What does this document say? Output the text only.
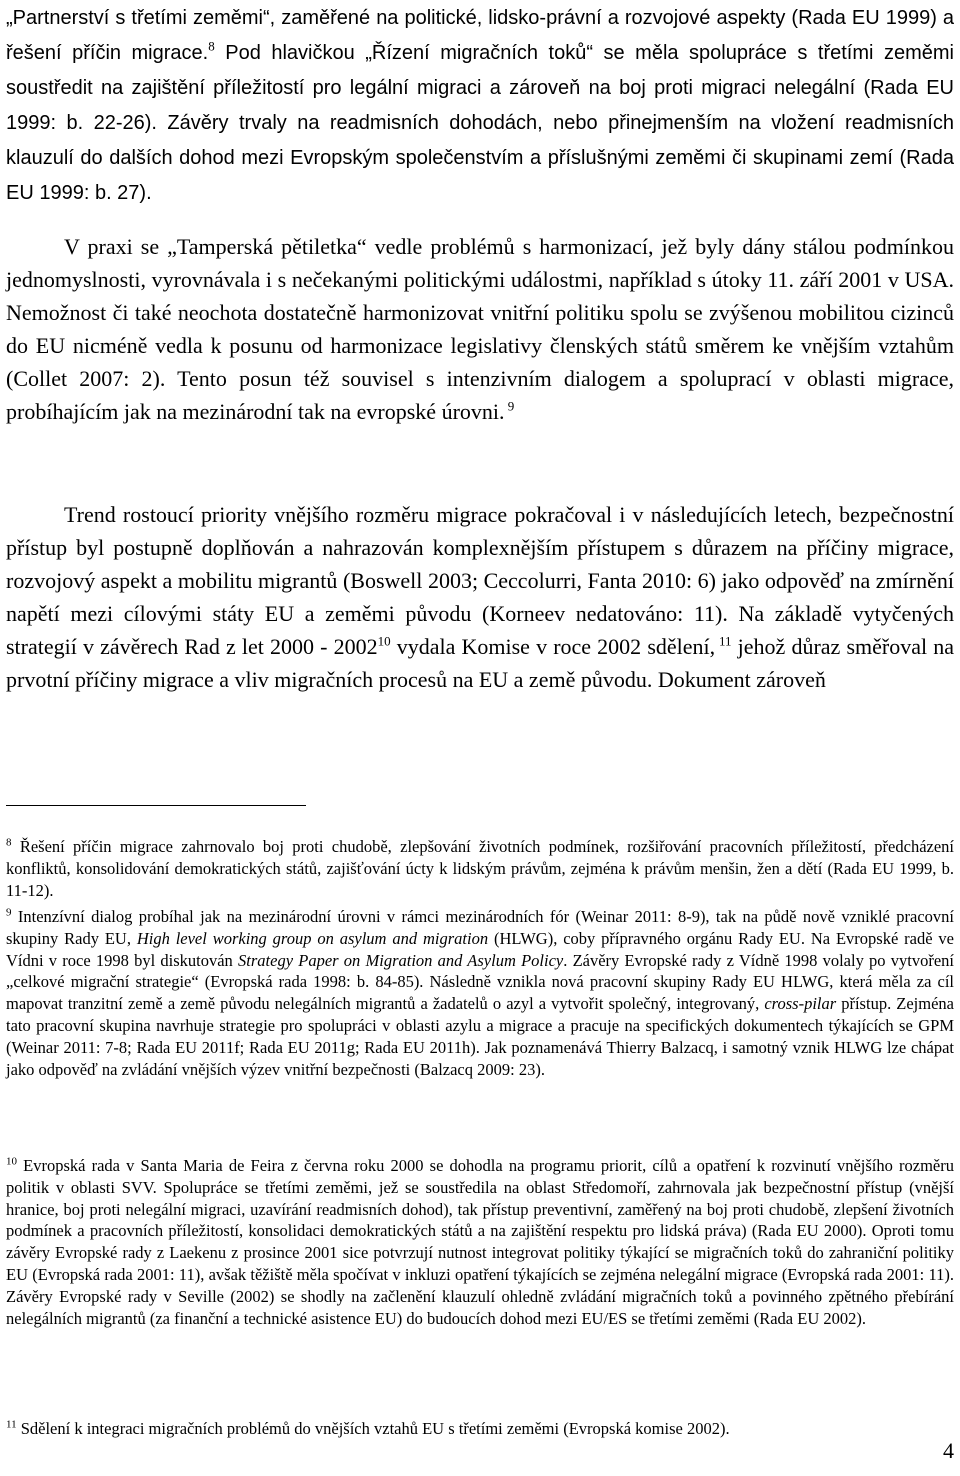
„Partnerství s třetími zeměmi“, zaměřené na politické, lidsko-právní a rozvojové aspekty (Rada EU 1999) a řešení příčin migrace.$^8$ Pod hlavičkou „Řízení migračních toků“ se měla spolupráce s třetími zeměmi soustředit na zajištění příležitostí pro legální migraci a zároveň na boj proti migraci nelegální (Rada EU 1999: b. 22-26). Závěry trvaly na readmisních dohodách, nebo přinejmenším na vložení readmisních klauzulí do dalších dohod mezi Evropským společenstvím a příslušnými zeměmi či skupinami zemí (Rada EU 1999: b. 27).

V praxi se „Tamperská pětiletka“ vedle problémů s harmonizací, jež byly dány stálou podmínkou jednomyslnosti, vyrovnávala i s nečekanými politickými událostmi, například s útoky 11. září 2001 v USA. Nemožnost či také neochota dostatečně harmonizovat vnitřní politiku spolu se zvýšenou mobilitou cizinců do EU nicméně vedla k posunu od harmonizace legislativy členských států směrem ke vnějším vztahům (Collet 2007: 2). Tento posun též souvisel s intenzivním dialogem a spoluprací v oblasti migrace, probíhajícím jak na mezinárodní tak na evropské úrovni. $^9$

Trend rostoucí priority vnějšího rozměru migrace pokračoval i v následujících letech, bezpečnostní přístup byl postupně doplňován a nahrazován komplexnějším přístupem s důrazem na příčiny migrace, rozvojový aspekt a mobilitu migrantů (Boswell 2003; Ceccolurri, Fanta 2010: 6) jako odpověď na zmírnění napětí mezi cílovými státy EU a zeměmi původu (Korneev nedatováno: 11). Na základě vytyčených strategií v závěrech Rad z let 2000 - 2002$^{10}$ vydala Komise v roce 2002 sdělení, $^{11}$ jehož důraz směřoval na prvotní příčiny migrace a vliv migračních procesů na EU a země původu. Dokument zároveň

$^8$ Řešení příčin migrace zahrnovalo boj proti chudobě, zlepšování životních podmínek, rozšiřování pracovních příležitostí, předcházení konfliktů, konsolidování demokratických států, zajišťování úcty k lidským právům, zejména k právům menšin, žen a dětí (Rada EU 1999, b. 11-12).

$^9$ Intenzívní dialog probíhal jak na mezinárodní úrovni v rámci mezinárodních fór (Weinar 2011: 8-9), tak na půdě nově vzniklé pracovní skupiny Rady EU, High level working group on asylum and migration (HLWG), coby přípravného orgánu Rady EU. Na Evropské radě ve Vídni v roce 1998 byl diskutován Strategy Paper on Migration and Asylum Policy. Závěry Evropské rady z Vídně 1998 volaly po vytvoření „celkové migrační strategie“ (Evropská rada 1998: b. 84-85). Následně vznikla nová pracovní skupiny Rady EU HLWG, která měla za cíl mapovat tranzitní země a země původu nelegálních migrantů a žadatelů o azyl a vytvořit společný, integrovaný, cross-pilar přístup. Zejména tato pracovní skupina navrhuje strategie pro spolupráci v oblasti azylu a migrace a pracuje na specifických dokumentech týkajících se GPM (Weinar 2011: 7-8; Rada EU 2011f; Rada EU 2011g; Rada EU 2011h). Jak poznamenává Thierry Balzacq, i samotný vznik HLWG lze chápat jako odpověď na zvládání vnějších výzev vnitřní bezpečnosti (Balzacq 2009: 23).

$^{10}$ Evropská rada v Santa Maria de Feira z června roku 2000 se dohodla na programu priorit, cílů a opatření k rozvinutí vnějšího rozměru politik v oblasti SVV. Spolupráce se třetími zeměmi, jež se soustředila na oblast Středomoří, zahrnovala jak bezpečnostní přístup (vnější hranice, boj proti nelegální migraci, uzavírání readmisních dohod), tak přístup preventivní, zaměřený na boj proti chudobě, zlepšení životních podmínek a pracovních příležitostí, konsolidaci demokratických států a na zajištění respektu pro lidská práva) (Rada EU 2000). Oproti tomu závěry Evropské rady z Laekenu z prosince 2001 sice potvrzují nutnost integrovat politiky týkající se migračních toků do zahraniční politiky EU (Evropská rada 2001: 11), avšak těžiště měla spočívat v inkluzi opatření týkajících se zejména nelegální migrace (Evropská rada 2001: 11). Závěry Evropské rady v Seville (2002) se shodly na začlenění klauzulí ohledně zvládání migračních toků a povinného zpětného přebírání nelegálních migrantů (za finanční a technické asistence EU) do budoucích dohod mezi EU/ES se třetími zeměmi (Rada EU 2002).

$^{11}$ Sdělení k integraci migračních problémů do vnějších vztahů EU s třetími zeměmi (Evropská komise 2002).

4
